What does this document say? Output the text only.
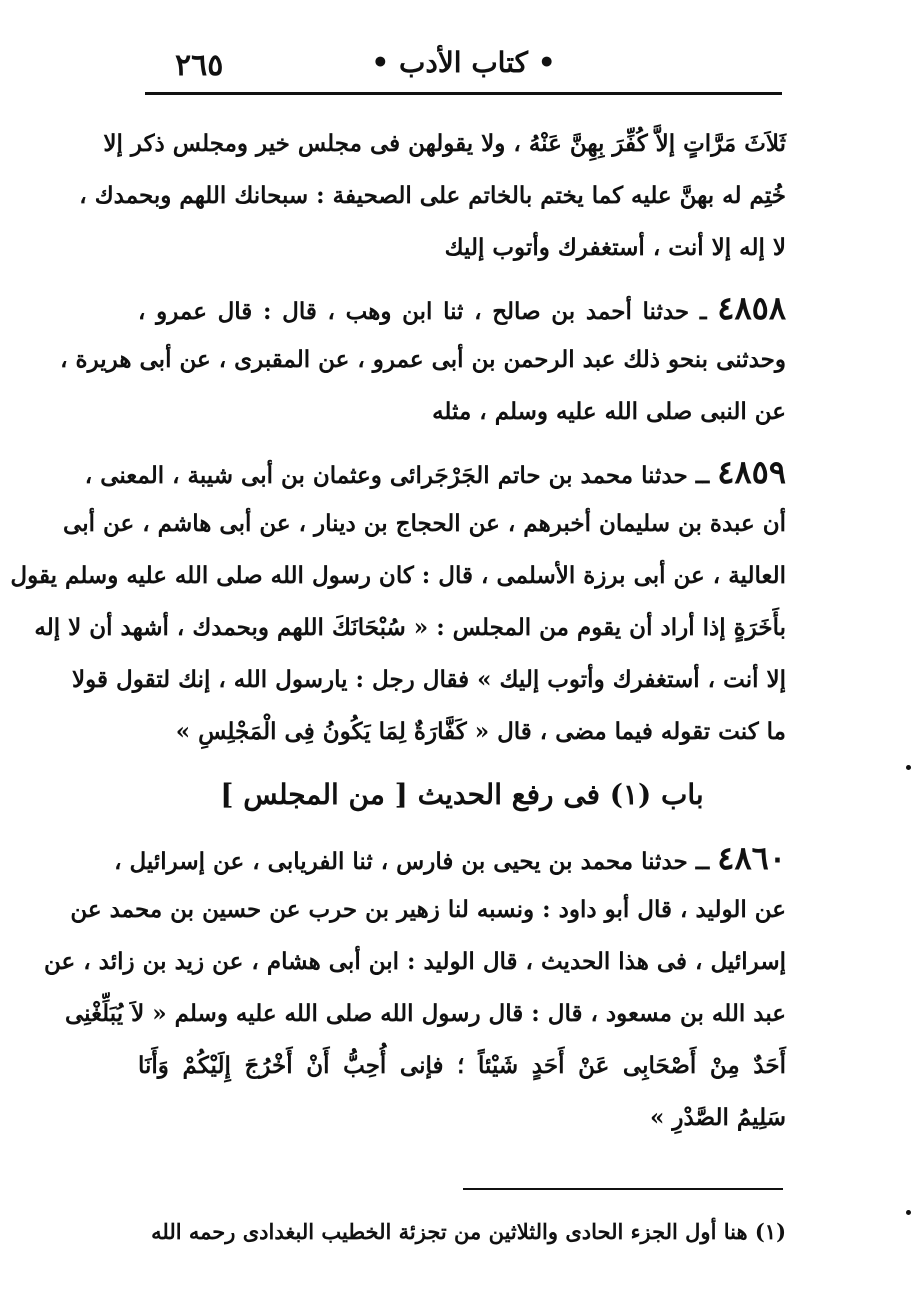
٢٦٥	• كتاب الأدب •
ثَلاَثَ مَرَّاتٍ إلاَّ كُفِّرَ بِهِنَّ عَنْهُ ، ولا يقولهن فى مجلس خير ومجلس ذكر إلا
خُتِم له بهنَّ عليه كما يختم بالخاتم على الصحيفة : سبحانك اللهم وبحمدك ،
لا إله إلا أنت ، أستغفرك وأتوب إليك
٤٨٥٨ ـ حدثنا أحمد بن صالح ، ثنا ابن وهب ، قال : قال عمرو ،
وحدثنى بنحو ذلك عبد الرحمن بن أبى عمرو ، عن المقبرى ، عن أبى هريرة ،
عن النبى صلى الله عليه وسلم ، مثله
٤٨٥٩ ــ حدثنا محمد بن حاتم الجَرْجَرائى وعثمان بن أبى شيبة ، المعنى ،
أن عبدة بن سليمان أخبرهم ، عن الحجاج بن دينار ، عن أبى هاشم ، عن أبى
العالية ، عن أبى برزة الأسلمى ، قال : كان رسول الله صلى الله عليه وسلم يقول
بأَخَرَةٍ إذا أراد أن يقوم من المجلس : « سُبْحَانَكَ اللهم وبحمدك ، أشهد أن لا إله
إلا أنت ، أستغفرك وأتوب إليك » فقال رجل : يارسول الله ، إنك لتقول قولا
ما كنت تقوله فيما مضى ، قال « كَفَّارَةٌ لِمَا يَكُونُ فِى الْمَجْلِسِ »
باب (١) فى رفع الحديث [ من المجلس ]
٤٨٦٠ ــ حدثنا محمد بن يحيى بن فارس ، ثنا الفريابى ، عن إسرائيل ،
عن الوليد ، قال أبو داود : ونسبه لنا زهير بن حرب عن حسين بن محمد عن
إسرائيل ، فى هذا الحديث ، قال الوليد : ابن أبى هشام ، عن زيد بن زائد ، عن
عبد الله بن مسعود ، قال : قال رسول الله صلى الله عليه وسلم « لاَ يُبَلِّغْنِى
أَحَدٌ مِنْ أَصْحَابِى عَنْ أَحَدٍ شَيْئاً ؛ فإنى أُحِبُّ أَنْ أَخْرُجَ إِلَيْكُمْ وَأَنَا
سَلِيمُ الصَّدْرِ »
(١) هنا أول الجزء الحادى والثلاثين من تجزئة الخطيب البغدادى رحمه الله
